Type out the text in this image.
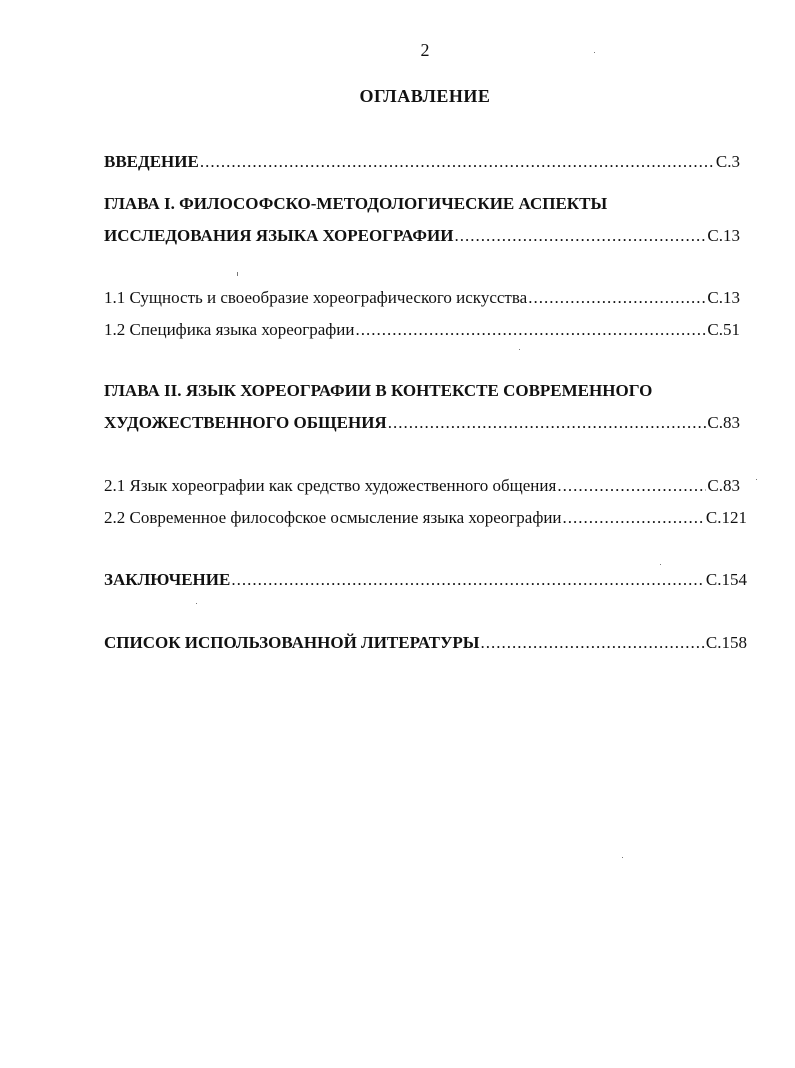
2
ОГЛАВЛЕНИЕ
ВВЕДЕНИЕ .....	С.3
ГЛАВА I. ФИЛОСОФСКО-МЕТОДОЛОГИЧЕСКИЕ АСПЕКТЫ
ИССЛЕДОВАНИЯ ЯЗЫКА ХОРЕОГРАФИИ .....	С.13
1.1 Сущность и своеобразие хореографического искусства .....	С.13
1.2 Специфика языка хореографии .....	С.51
ГЛАВА II. ЯЗЫК ХОРЕОГРАФИИ В КОНТЕКСТЕ СОВРЕМЕННОГО
ХУДОЖЕСТВЕННОГО ОБЩЕНИЯ .....	С.83
2.1 Язык хореографии как средство художественного общения .....	С.83
2.2 Современное философское осмысление языка хореографии .....	С.121
ЗАКЛЮЧЕНИЕ .....	С.154
СПИСОК ИСПОЛЬЗОВАННОЙ ЛИТЕРАТУРЫ .....	С.158
